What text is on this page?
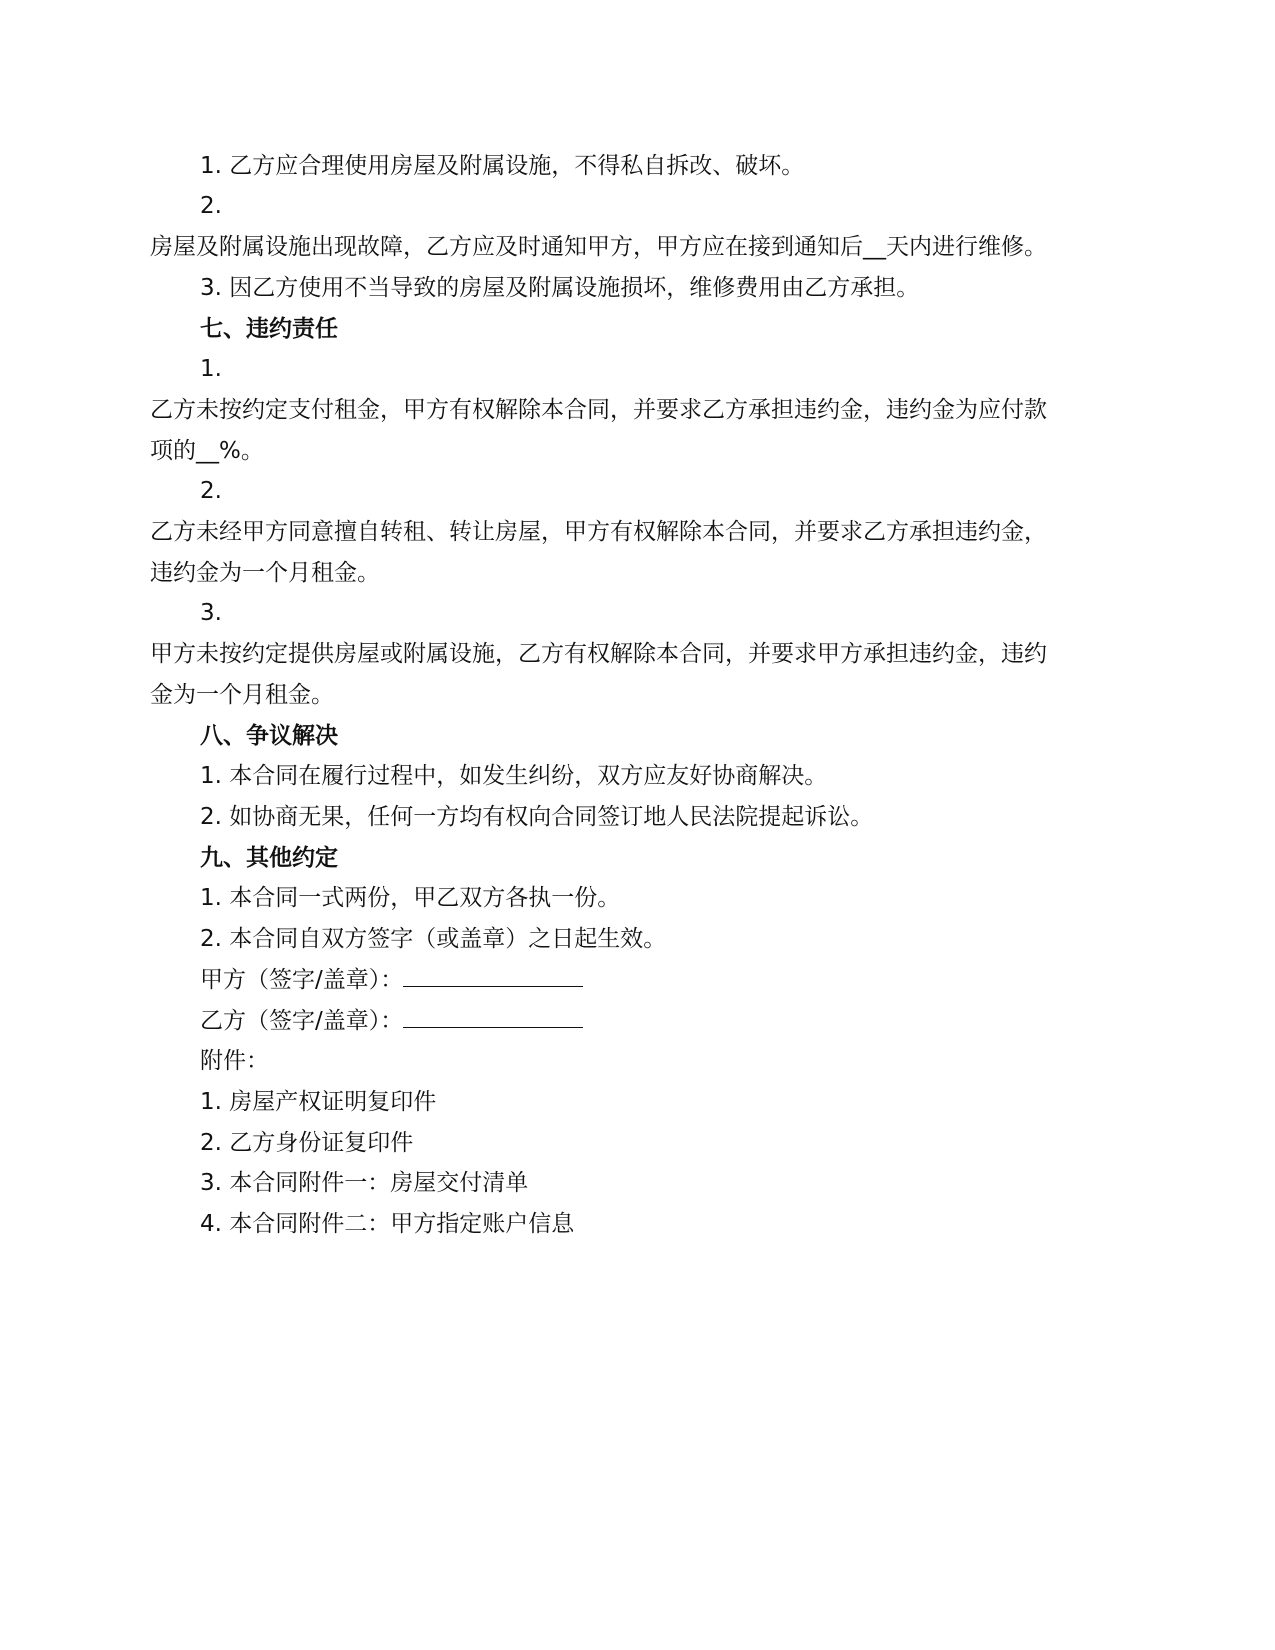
1. 乙方应合理使用房屋及附属设施，不得私自拆改、破坏。

2.

房屋及附属设施出现故障，乙方应及时通知甲方，甲方应在接到通知后__天内进行维修。

3. 因乙方使用不当导致的房屋及附属设施损坏，维修费用由乙方承担。

七、违约责任

1.

乙方未按约定支付租金，甲方有权解除本合同，并要求乙方承担违约金，违约金为应付款

项的__%。

2.

乙方未经甲方同意擅自转租、转让房屋，甲方有权解除本合同，并要求乙方承担违约金，

违约金为一个月租金。

3.

甲方未按约定提供房屋或附属设施，乙方有权解除本合同，并要求甲方承担违约金，违约

金为一个月租金。

八、争议解决

1. 本合同在履行过程中，如发生纠纷，双方应友好协商解决。

2. 如协商无果，任何一方均有权向合同签订地人民法院提起诉讼。

九、其他约定

1. 本合同一式两份，甲乙双方各执一份。

2. 本合同自双方签字（或盖章）之日起生效。

甲方（签字/盖章）：

乙方（签字/盖章）：

附件：

1. 房屋产权证明复印件

2. 乙方身份证复印件

3. 本合同附件一：房屋交付清单

4. 本合同附件二：甲方指定账户信息
